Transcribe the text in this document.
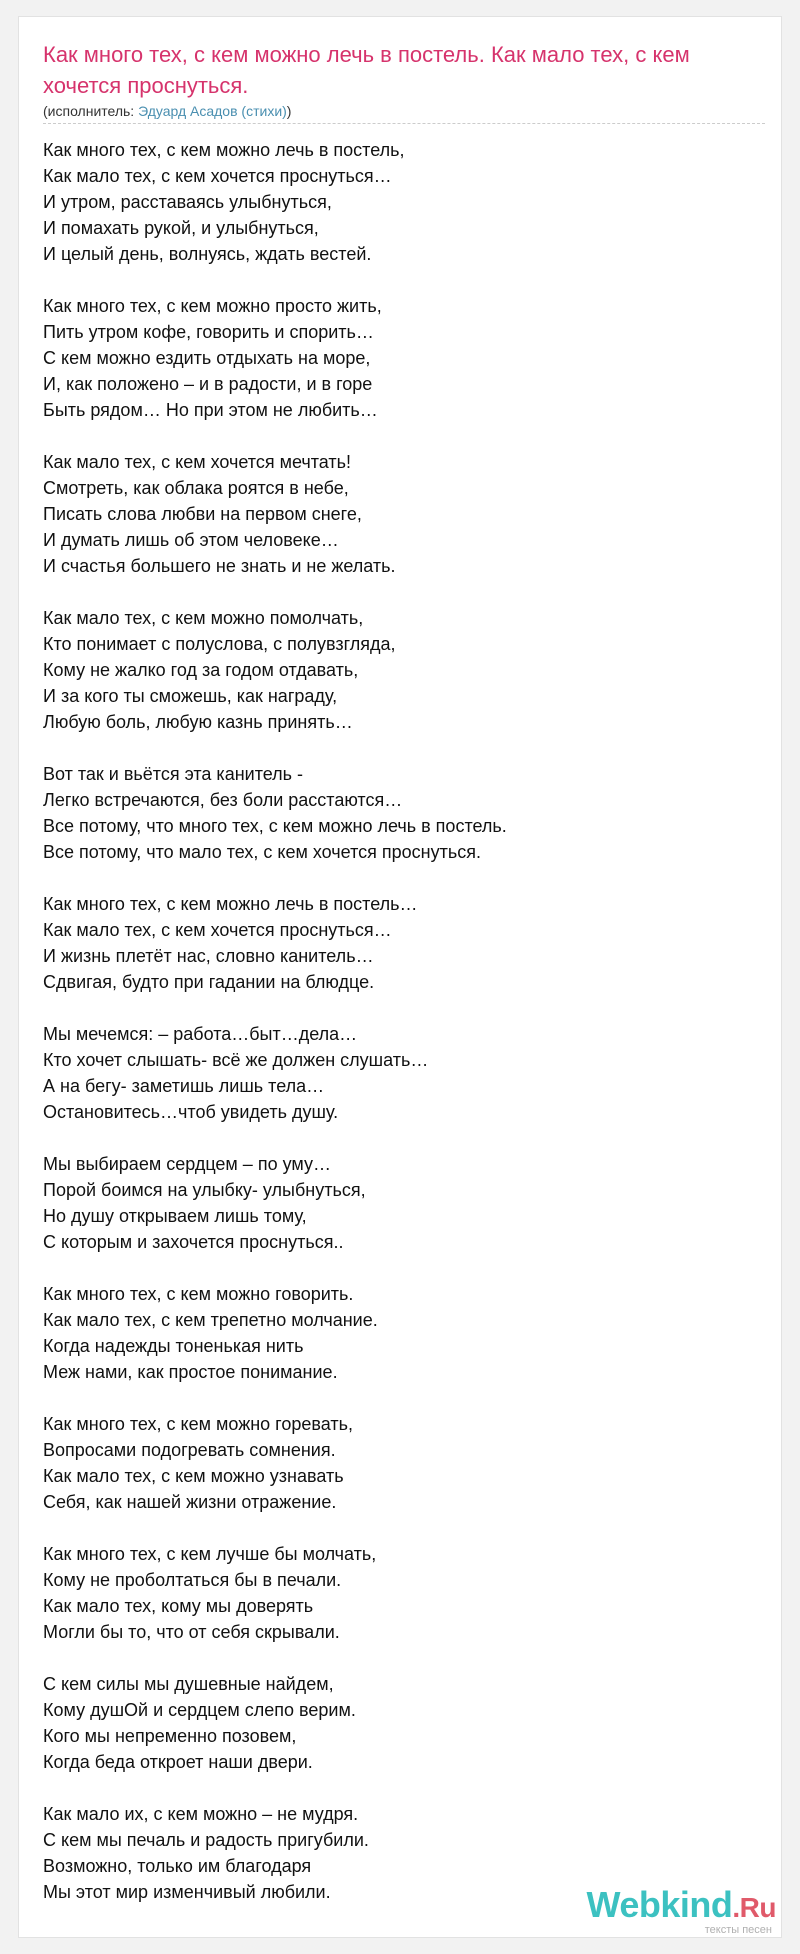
Как много тех, с кем можно лечь в постель. Как мало тех, с кем хочется проснуться.

(исполнитель: Эдуард Асадов (стихи))

Как много тех, с кем можно лечь в постель,
Как мало тех, с кем хочется проснуться…
И утром, расставаясь улыбнуться,
И помахать рукой, и улыбнуться,
И целый день, волнуясь, ждать вестей.
Как много тех, с кем можно просто жить,
Пить утром кофе, говорить и спорить…
С кем можно ездить отдыхать на море,
И, как положено – и в радости, и в горе
Быть рядом… Но при этом не любить…
Как мало тех, с кем хочется мечтать!
Смотреть, как облака роятся в небе,
Писать слова любви на первом снеге,
И думать лишь об этом человеке…
И счастья большего не знать и не желать.
Как мало тех, с кем можно помолчать,
Кто понимает с полуслова, с полувзгляда,
Кому не жалко год за годом отдавать,
И за кого ты сможешь, как награду,
Любую боль, любую казнь принять…
Вот так и вьётся эта канитель -
Легко встречаются, без боли расстаются…
Все потому, что много тех, с кем можно лечь в постель.
Все потому, что мало тех, с кем хочется проснуться.
Как много тех, с кем можно лечь в постель…
Как мало тех, с кем хочется проснуться…
И жизнь плетёт нас, словно канитель…
Сдвигая, будто при гадании на блюдце.
Мы мечемся: – работа…быт…дела…
Кто хочет слышать- всё же должен слушать…
А на бегу- заметишь лишь тела…
Остановитесь…чтоб увидеть душу.
Мы выбираем сердцем – по уму…
Порой боимся на улыбку- улыбнуться,
Но душу открываем лишь тому,
С которым и захочется проснуться..
Как много тех, с кем можно говорить.
Как мало тех, с кем трепетно молчание.
Когда надежды тоненькая нить
Меж нами, как простое понимание.
Как много тех, с кем можно горевать,
Вопросами подогревать сомнения.
Как мало тех, с кем можно узнавать
Себя, как нашей жизни отражение.
Как много тех, с кем лучше бы молчать,
Кому не проболтаться бы в печали.
Как мало тех, кому мы доверять
Могли бы то, что от себя скрывали.
С кем силы мы душевные найдем,
Кому душОй и сердцем слепо верим.
Кого мы непременно позовем,
Когда беда откроет наши двери.
Как мало их, с кем можно – не мудря.
С кем мы печаль и радость пригубили.
Возможно, только им благодаря
Мы этот мир изменчивый любили.	Webkind.Ru
тексты песен
